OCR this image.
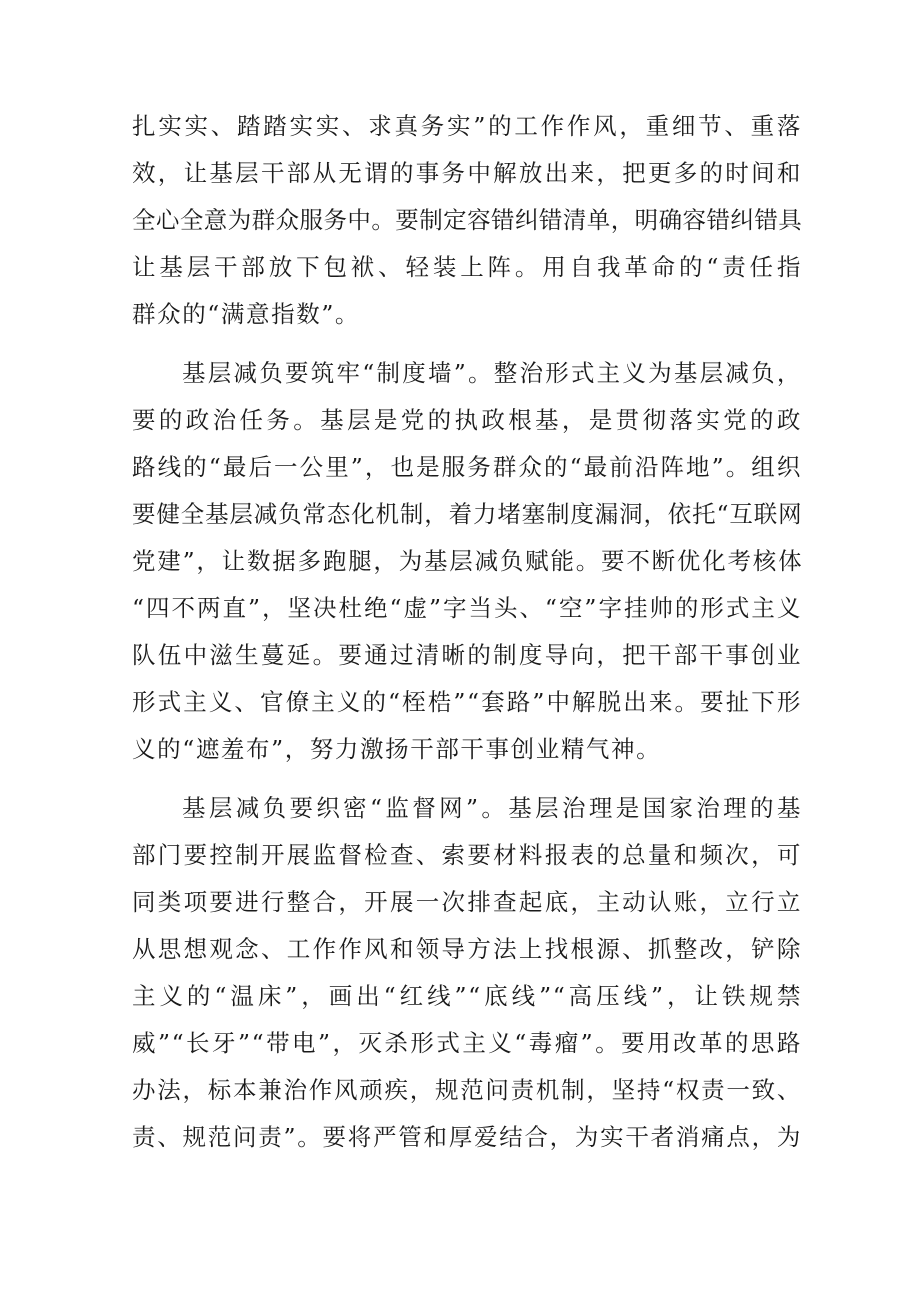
扎实实、踏踏实实、求真务实”的工作作风，重细节、重落
效，让基层干部从无谓的事务中解放出来，把更多的时间和
全心全意为群众服务中。要制定容错纠错清单，明确容错纠错具
让基层干部放下包袱、轻装上阵。用自我革命的“责任指
群众的“满意指数”。
基层减负要筑牢“制度墙”。整治形式主义为基层减负，
要的政治任务。基层是党的执政根基，是贯彻落实党的政
路线的“最后一公里”，也是服务群众的“最前沿阵地”。组织
要健全基层减负常态化机制，着力堵塞制度漏洞，依托“互联网
党建”，让数据多跑腿，为基层减负赋能。要不断优化考核体
“四不两直”，坚决杜绝“虚”字当头、“空”字挂帅的形式主义
队伍中滋生蔓延。要通过清晰的制度导向，把干部干事创业
形式主义、官僚主义的“桎梏”“套路”中解脱出来。要扯下形
义的“遮羞布”，努力激扬干部干事创业精气神。
基层减负要织密“监督网”。基层治理是国家治理的基
部门要控制开展监督检查、索要材料报表的总量和频次，可
同类项要进行整合，开展一次排查起底，主动认账，立行立
从思想观念、工作作风和领导方法上找根源、抓整改，铲除
主义的“温床”，画出“红线”“底线”“高压线”，让铁规禁
威”“长牙”“带电”，灭杀形式主义“毒瘤”。要用改革的思路
办法，标本兼治作风顽疾，规范问责机制，坚持“权责一致、
责、规范问责”。要将严管和厚爱结合，为实干者消痛点，为
